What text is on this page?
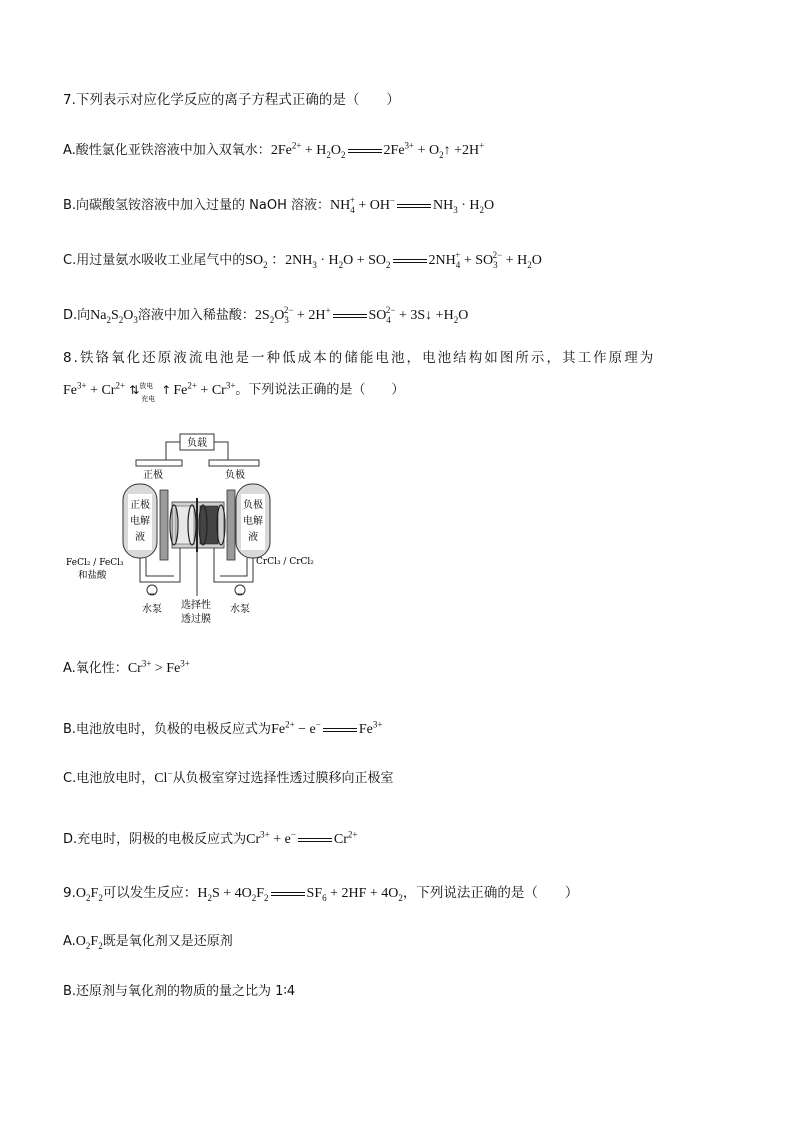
7.下列表示对应化学反应的离子方程式正确的是（　　）
A.酸性氯化亚铁溶液中加入双氧水：$2Fe^{2+} + H_2O_2$	$2Fe^{3+}$ + $O_2↑ +2H^+$
B.向碳酸氢铵溶液中加入过量的 NaOH 溶液：$NH_4^+ + OH^-$	$NH_3 \cdot H_2O$
C.用过量氨水吸收工业尾气中的$SO_2$ ：$2NH_3 \cdot H_2O + SO_2$	$2NH_4^+ + SO_3^{2-} + H_2O$
D.向$Na_2S_2O_3$溶液中加入稀盐酸：$2S_2O_3^{2-} + 2H^+$	$SO_4^{2-}$ + 3S↓ $+H_2O$
8.铁铬氧化还原液流电池是一种低成本的储能电池，电池结构如图所示，其工作原理为
$Fe^{3+} + Cr^{2+}$ ⇅ 放电
充电
↑ $Fe^{2+} + Cr^{3+}$。下列说法正确的是（　　）
负载
正极	负极
正极
电解
液
负极
电解
液
FeCl₂ / FeCl₃
和盐酸
CrCl₃ / CrCl₂
水泵	水泵
选择性
透过膜
A.氧化性：$Cr^{3+} > Fe^{3+}$
B.电池放电时，负极的电极反应式为$Fe^{2+} - e^-$	$Fe^{3+}$
C.电池放电时，Cl−从负极室穿过选择性透过膜移向正极室
D.充电时，阴极的电极反应式为$Cr^{3+} + e^-$	$Cr^{2+}$
$9.O_2F_2$可以发生反应：$H_2S + 4O_2F_2$	$SF_6 + 2HF + 4O_2$，下列说法正确的是（　　）
$A.O_2F_2$既是氧化剂又是还原剂
B.还原剂与氧化剂的物质的量之比为 1∶4
